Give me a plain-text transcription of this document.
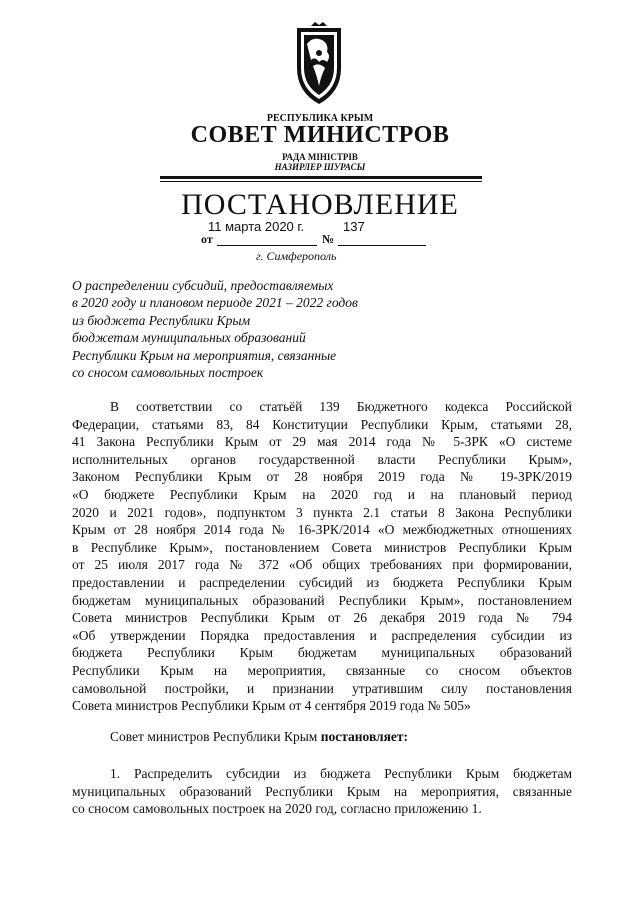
РЕСПУБЛИКА КРЫМ
СОВЕТ МИНИСТРОВ
РАДА МІНІСТРІВ
НАЗИРЛЕР ШУРАСЫ
ПОСТАНОВЛЕНИЕ
11 марта 2020 г.	137
от	№
г. Симферополь
О распределении субсидий, предоставляемых
в 2020 году и плановом периоде 2021 – 2022 годов
из бюджета Республики Крым
бюджетам муниципальных образований
Республики Крым на мероприятия, связанные
со сносом самовольных построек
В соответствии со статьёй 139 Бюджетного кодекса Российской
Федерации, статьями 83, 84 Конституции Республики Крым, статьями 28,
41 Закона Республики Крым от 29 мая 2014 года № 5-ЗРК «О системе
исполнительных органов государственной власти Республики Крым»,
Законом Республики Крым от 28 ноября 2019 года № 19-ЗРК/2019
«О бюджете Республики Крым на 2020 год и на плановый период
2020 и 2021 годов», подпунктом 3 пункта 2.1 статьи 8 Закона Республики
Крым от 28 ноября 2014 года № 16-ЗРК/2014 «О межбюджетных отношениях
в Республике Крым», постановлением Совета министров Республики Крым
от 25 июля 2017 года № 372 «Об общих требованиях при формировании,
предоставлении и распределении субсидий из бюджета Республики Крым
бюджетам муниципальных образований Республики Крым», постановлением
Совета министров Республики Крым от 26 декабря 2019 года № 794
«Об утверждении Порядка предоставления и распределения субсидии из
бюджета Республики Крым бюджетам муниципальных образований
Республики Крым на мероприятия, связанные со сносом объектов
самовольной постройки, и признании утратившим силу постановления
Совета министров Республики Крым от 4 сентября 2019 года № 505»
Совет министров Республики Крым постановляет:
1. Распределить субсидии из бюджета Республики Крым бюджетам
муниципальных образований Республики Крым на мероприятия, связанные
со сносом самовольных построек на 2020 год, согласно приложению 1.
